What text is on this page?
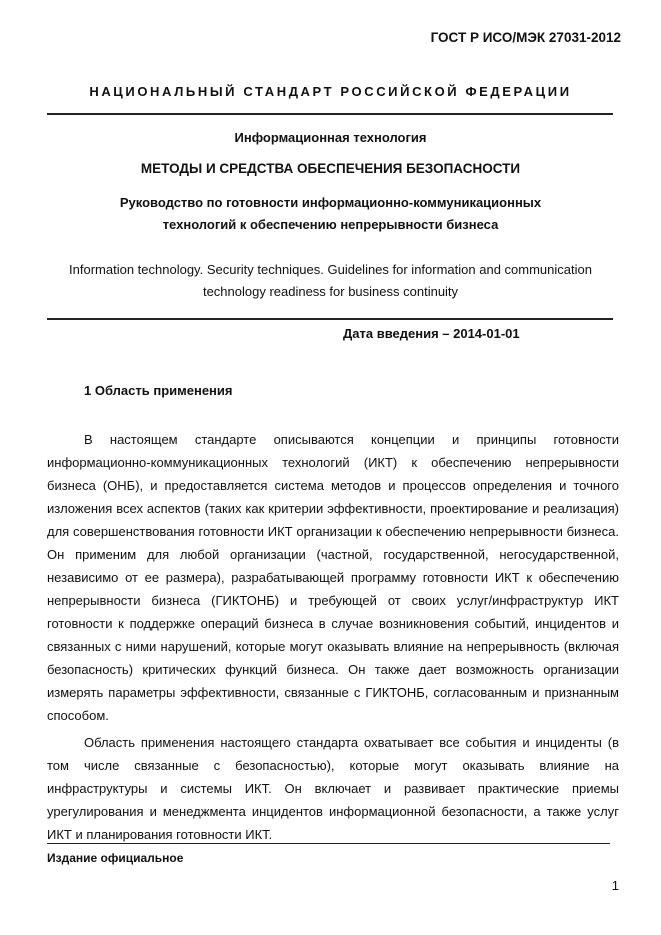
ГОСТ Р ИСО/МЭК 27031-2012
НАЦИОНАЛЬНЫЙ СТАНДАРТ РОССИЙСКОЙ ФЕДЕРАЦИИ
Информационная технология
МЕТОДЫ И СРЕДСТВА ОБЕСПЕЧЕНИЯ БЕЗОПАСНОСТИ
Руководство по готовности информационно-коммуникационных
технологий к обеспечению непрерывности бизнеса
Information technology. Security techniques. Guidelines for information and communication
technology readiness for business continuity
Дата введения – 2014-01-01
1 Область применения

В настоящем стандарте описываются концепции и принципы готовности информационно-коммуникационных технологий (ИКТ) к обеспечению непрерывности бизнеса (ОНБ), и предоставляется система методов и процессов определения и точного изложения всех аспектов (таких как критерии эффективности, проектирование и реализация) для совершенствования готовности ИКТ организации к обеспечению непрерывности бизнеса. Он применим для любой организации (частной, государственной, негосударственной, независимо от ее размера), разрабатывающей программу готовности ИКТ к обеспечению непрерывности бизнеса (ГИКТОНБ) и требующей от своих услуг/инфраструктур ИКТ готовности к поддержке операций бизнеса в случае возникновения событий, инцидентов и связанных с ними нарушений, которые могут оказывать влияние на непрерывность (включая безопасность) критических функций бизнеса. Он также дает возможность организации измерять параметры эффективности, связанные с ГИКТОНБ, согласованным и признанным способом.

Область применения настоящего стандарта охватывает все события и инциденты (в том числе связанные с безопасностью), которые могут оказывать влияние на инфраструктуры и системы ИКТ. Он включает и развивает практические приемы урегулирования и менеджмента инцидентов информационной безопасности, а также услуг ИКТ и планирования готовности ИКТ.

Издание официальное
1
